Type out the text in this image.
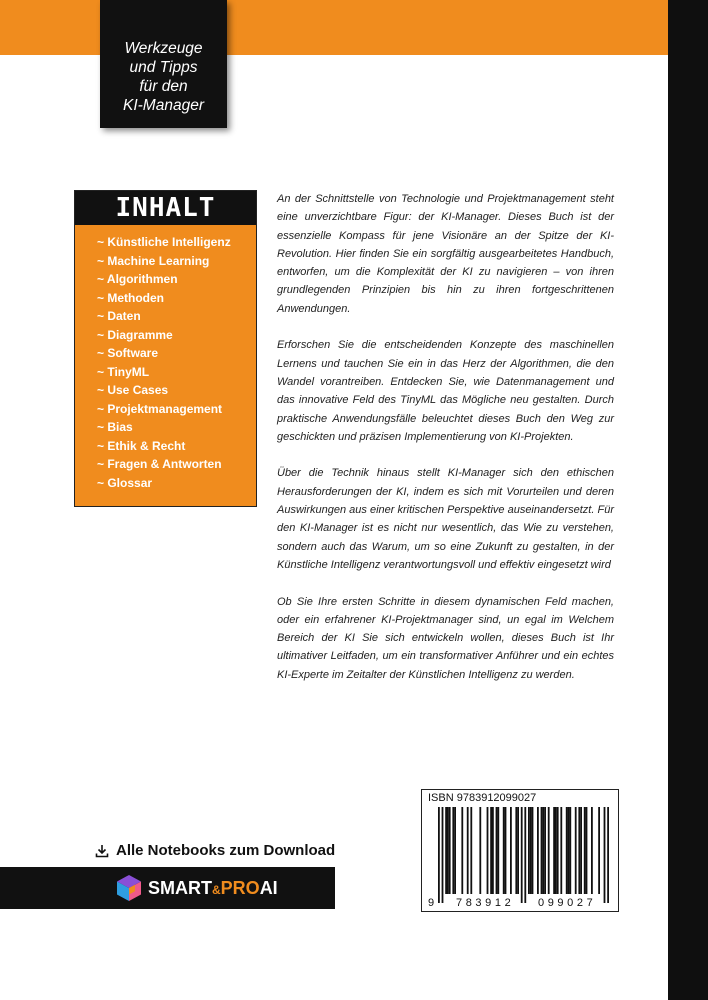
Werkzeuge
und Tipps
für den
KI-Manager
INHALT
~ Künstliche Intelligenz
~ Machine Learning
~ Algorithmen
~ Methoden
~ Daten
~ Diagramme
~ Software
~ TinyML
~ Use Cases
~ Projektmanagement
~ Bias
~ Ethik & Recht
~ Fragen & Antworten
~ Glossar

An der Schnittstelle von Technologie und Projektmanagement steht eine unverzichtbare Figur: der KI-Manager. Dieses Buch ist der essenzielle Kompass für jene Visionäre an der Spitze der KI-Revolution. Hier finden Sie ein sorgfältig ausgearbeitetes Handbuch, entworfen, um die Komplexität der KI zu navigieren – von ihren grundlegenden Prinzipien bis hin zu ihren fortgeschrittenen Anwendungen.

Erforschen Sie die entscheidenden Konzepte des maschinellen Lernens und tauchen Sie ein in das Herz der Algorithmen, die den Wandel vorantreiben. Entdecken Sie, wie Datenmanagement und das innovative Feld des TinyML das Mögliche neu gestalten. Durch praktische Anwendungsfälle beleuchtet dieses Buch den Weg zur geschickten und präzisen Implementierung von KI-Projekten.

Über die Technik hinaus stellt KI-Manager sich den ethischen Herausforderungen der KI, indem es sich mit Vorurteilen und deren Auswirkungen aus einer kritischen Perspektive auseinandersetzt. Für den KI-Manager ist es nicht nur wesentlich, das Wie zu verstehen, sondern auch das Warum, um so eine Zukunft zu gestalten, in der Künstliche Intelligenz verantwortungsvoll und effektiv eingesetzt wird

Ob Sie Ihre ersten Schritte in diesem dynamischen Feld machen, oder ein erfahrener KI-Projektmanager sind, un egal im Welchem Bereich der KI Sie sich entwickeln wollen, dieses Buch ist Ihr ultimativer Leitfaden, um ein transformativer Anführer und ein echtes KI-Experte im Zeitalter der Künstlichen Intelligenz zu werden.

Alle Notebooks zum Download
SMART&PROAI
ISBN 9783912099027
9 783912 099027
